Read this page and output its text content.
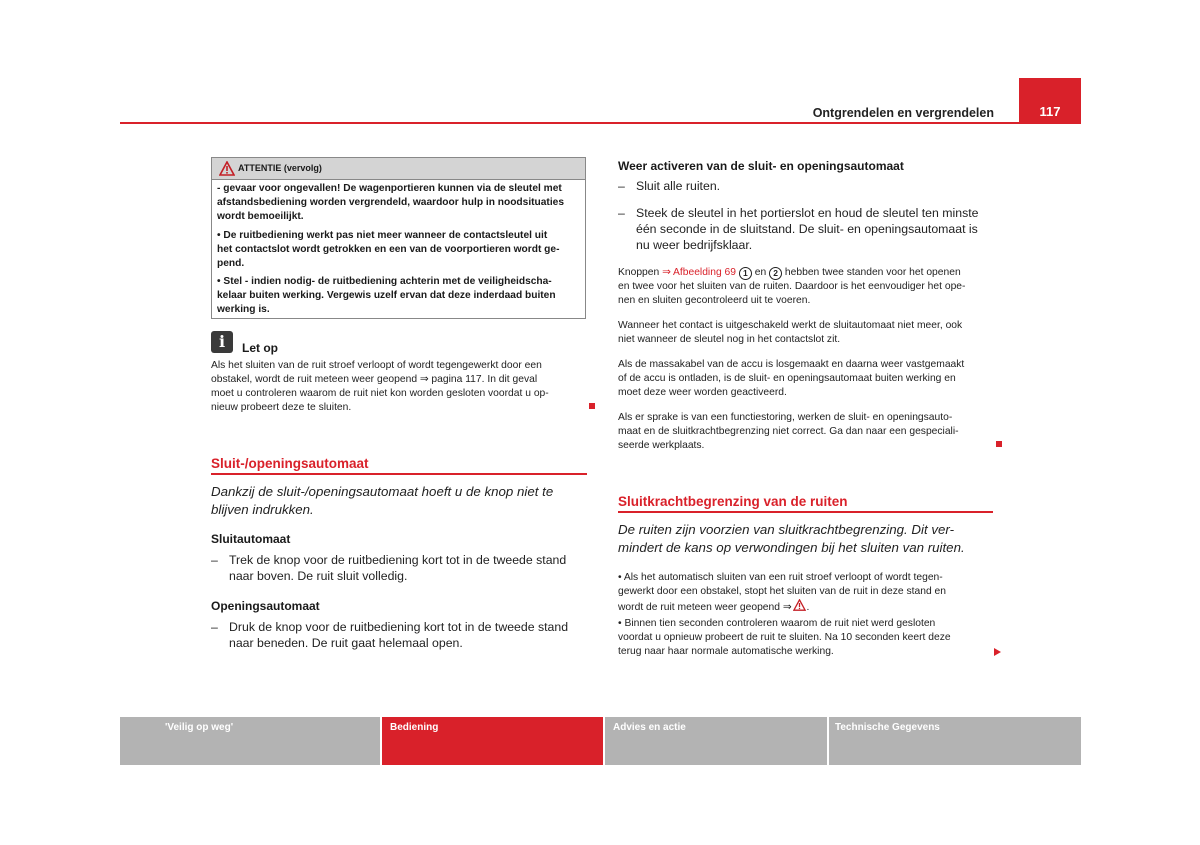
117
Ontgrendelen en vergrendelen
ATTENTIE (vervolg)
- gevaar voor ongevallen! De wagenportieren kunnen via de sleutel met
afstandsbediening worden vergrendeld, waardoor hulp in noodsituaties
wordt bemoeilijkt.
• De ruitbediening werkt pas niet meer wanneer de contactsleutel uit
het contactslot wordt getrokken en een van de voorportieren wordt ge-
pend.
• Stel - indien nodig- de ruitbediening achterin met de veiligheidscha-
kelaar buiten werking. Vergewis uzelf ervan dat deze inderdaad buiten
werking is.
i	Let op
Als het sluiten van de ruit stroef verloopt of wordt tegengewerkt door een
obstakel, wordt de ruit meteen weer geopend ⇒ pagina 117. In dit geval
moet u controleren waarom de ruit niet kon worden gesloten voordat u op-
nieuw probeert deze te sluiten.
Sluit-/openingsautomaat
Dankzij de sluit-/openingsautomaat hoeft u de knop niet te
blijven indrukken.
Sluitautomaat
– Trek de knop voor de ruitbediening kort tot in de tweede stand
naar boven. De ruit sluit volledig.
Openingsautomaat
– Druk de knop voor de ruitbediening kort tot in de tweede stand
naar beneden. De ruit gaat helemaal open.
Weer activeren van de sluit- en openingsautomaat
– Sluit alle ruiten.
– Steek de sleutel in het portierslot en houd de sleutel ten minste
één seconde in de sluitstand. De sluit- en openingsautomaat is
nu weer bedrijfsklaar.
Knoppen ⇒ Afbeelding 69 1 en 2 hebben twee standen voor het openen
en twee voor het sluiten van de ruiten. Daardoor is het eenvoudiger het ope-
nen en sluiten gecontroleerd uit te voeren.
Wanneer het contact is uitgeschakeld werkt de sluitautomaat niet meer, ook
niet wanneer de sleutel nog in het contactslot zit.
Als de massakabel van de accu is losgemaakt en daarna weer vastgemaakt
of de accu is ontladen, is de sluit- en openingsautomaat buiten werking en
moet deze weer worden geactiveerd.
Als er sprake is van een functiestoring, werken de sluit- en openingsauto-
maat en de sluitkrachtbegrenzing niet correct. Ga dan naar een gespeciali-
seerde werkplaats.
Sluitkrachtbegrenzing van de ruiten
De ruiten zijn voorzien van sluitkrachtbegrenzing. Dit ver-
mindert de kans op verwondingen bij het sluiten van ruiten.
• Als het automatisch sluiten van een ruit stroef verloopt of wordt tegen-
gewerkt door een obstakel, stopt het sluiten van de ruit in deze stand en
wordt de ruit meteen weer geopend ⇒ .
• Binnen tien seconden controleren waarom de ruit niet werd gesloten
voordat u opnieuw probeert de ruit te sluiten. Na 10 seconden keert deze
terug naar haar normale automatische werking.
'Veilig op weg'	Bediening	Advies en actie	Technische Gegevens
